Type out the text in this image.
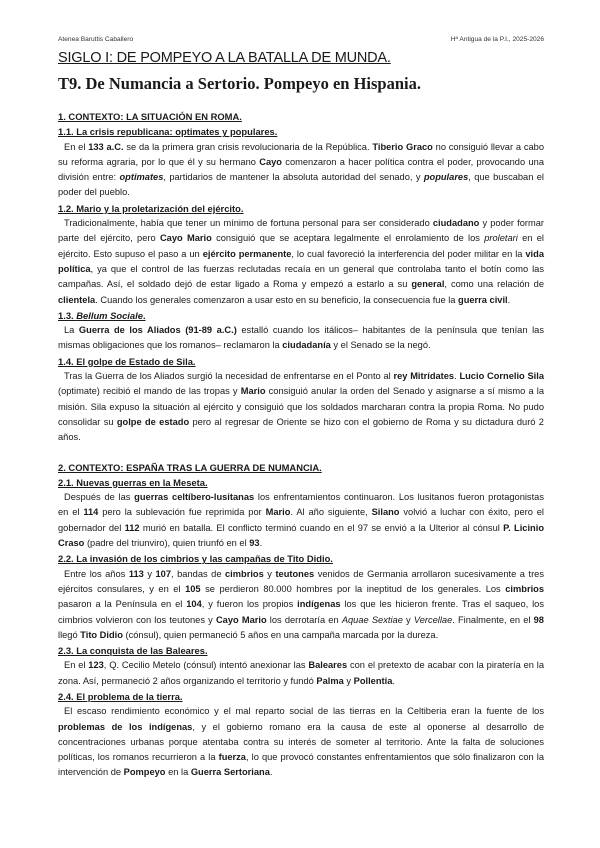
Atenea Baruttis Caballero	Hª Antigua de la P.I., 2025-2026
SIGLO I: DE POMPEYO A LA BATALLA DE MUNDA.
T9. De Numancia a Sertorio. Pompeyo en Hispania.

1. CONTEXTO: LA SITUACIÓN EN ROMA.

1.1. La crisis republicana: optimates y populares.

En el 133 a.C. se da la primera gran crisis revolucionaria de la República. Tiberio Graco no consiguió llevar a cabo su reforma agraria, por lo que él y su hermano Cayo comenzaron a hacer política contra el poder, provocando una división entre: optimates, partidarios de mantener la absoluta autoridad del senado, y populares, que buscaban el poder del pueblo.

1.2. Mario y la proletarización del ejército.

Tradicionalmente, había que tener un mínimo de fortuna personal para ser considerado ciudadano y poder formar parte del ejército, pero Cayo Mario consiguió que se aceptara legalmente el enrolamiento de los proletari en el ejército. Esto supuso el paso a un ejército permanente, lo cual favoreció la interferencia del poder militar en la vida política, ya que el control de las fuerzas reclutadas recaía en un general que controlaba tanto el botín como las campañas. Así, el soldado dejó de estar ligado a Roma y empezó a estarlo a su general, como una relación de clientela. Cuando los generales comenzaron a usar esto en su beneficio, la consecuencia fue la guerra civil.

1.3. Bellum Sociale.

La Guerra de los Aliados (91-89 a.C.) estalló cuando los itálicos– habitantes de la península que tenían las mismas obligaciones que los romanos– reclamaron la ciudadanía y el Senado se la negó.

1.4. El golpe de Estado de Sila.

Tras la Guerra de los Aliados surgió la necesidad de enfrentarse en el Ponto al rey Mitrídates. Lucio Cornelio Sila (optimate) recibió el mando de las tropas y Mario consiguió anular la orden del Senado y asignarse a sí mismo a la misión. Sila expuso la situación al ejército y consiguió que los soldados marcharan contra la propia Roma. No pudo consolidar su golpe de estado pero al regresar de Oriente se hizo con el gobierno de Roma y su dictadura duró 2 años.

2. CONTEXTO: ESPAÑA TRAS LA GUERRA DE NUMANCIA.

2.1. Nuevas guerras en la Meseta.

Después de las guerras celtíbero-lusitanas los enfrentamientos continuaron. Los lusitanos fueron protagonistas en el 114 pero la sublevación fue reprimida por Mario. Al año siguiente, Silano volvió a luchar con éxito, pero el gobernador del 112 murió en batalla. El conflicto terminó cuando en el 97 se envió a la Ulterior al cónsul P. Licinio Craso (padre del triunviro), quien triunfó en el 93.

2.2. La invasión de los cimbrios y las campañas de Tito Didio.

Entre los años 113 y 107, bandas de cimbrios y teutones venidos de Germania arrollaron sucesivamente a tres ejércitos consulares, y en el 105 se perdieron 80.000 hombres por la ineptitud de los generales. Los cimbrios pasaron a la Península en el 104, y fueron los propios indígenas los que les hicieron frente. Tras el saqueo, los cimbrios volvieron con los teutones y Cayo Mario los derrotaría en Aquae Sextiae y Vercellae. Finalmente, en el 98 llegó Tito Didio (cónsul), quien permaneció 5 años en una campaña marcada por la dureza.

2.3. La conquista de las Baleares.

En el 123, Q. Cecilio Metelo (cónsul) intentó anexionar las Baleares con el pretexto de acabar con la piratería en la zona. Así, permaneció 2 años organizando el territorio y fundó Palma y Pollentia.

2.4. El problema de la tierra.

El escaso rendimiento económico y el mal reparto social de las tierras en la Celtiberia eran la fuente de los problemas de los indígenas, y el gobierno romano era la causa de este al oponerse al desarrollo de concentraciones urbanas porque atentaba contra su interés de someter al territorio. Ante la falta de soluciones políticas, los romanos recurrieron a la fuerza, lo que provocó constantes enfrentamientos que sólo finalizaron con la intervención de Pompeyo en la Guerra Sertoriana.
